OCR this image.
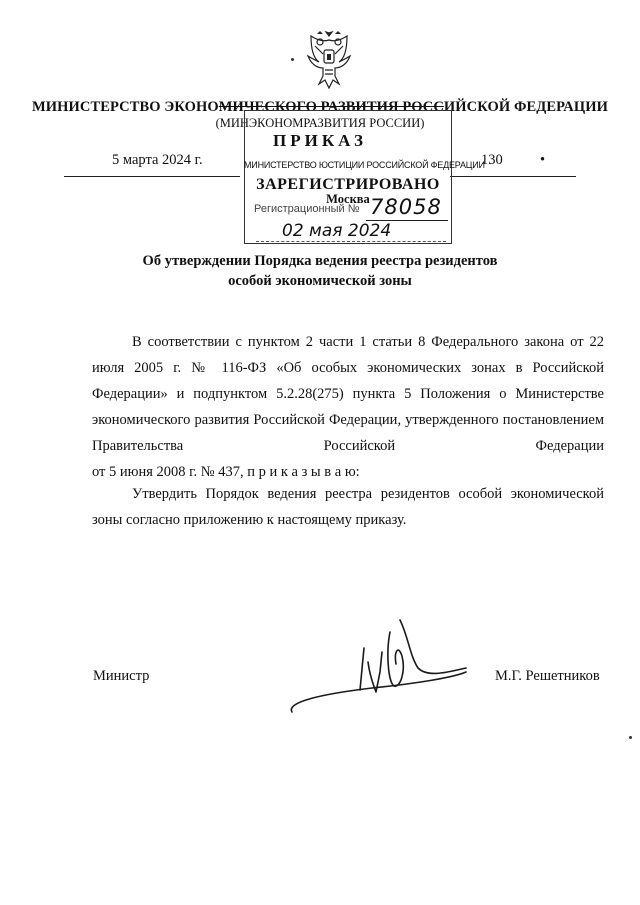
МИНИСТЕРСТВО ЭКОНОМИЧЕСКОГО РАЗВИТИЯ РОССИЙСКОЙ ФЕДЕРАЦИИ
(МИНЭКОНОМРАЗВИТИЯ РОССИИ)
ПРИКАЗ
5 марта 2024 г.	130	•
МИНИСТЕРСТВО ЮСТИЦИИ РОССИЙСКОЙ ФЕДЕРАЦИИ
ЗАРЕГИСТРИРОВАНО
Москва
Регистрационный № 78058
02 мая 2024
Об утверждении Порядка ведения реестра резидентов
особой экономической зоны
В соответствии с пунктом 2 части 1 статьи 8 Федерального закона от 22 июля 2005 г. № 116-ФЗ «Об особых экономических зонах в Российской Федерации» и подпунктом 5.2.28(275) пункта 5 Положения о Министерстве экономического развития Российской Федерации, утвержденного постановлением Правительства Российской Федерации
от 5 июня 2008 г. № 437, п р и к а з ы в а ю:
Утвердить Порядок ведения реестра резидентов особой экономической зоны согласно приложению к настоящему приказу.
Министр	М.Г. Решетников
